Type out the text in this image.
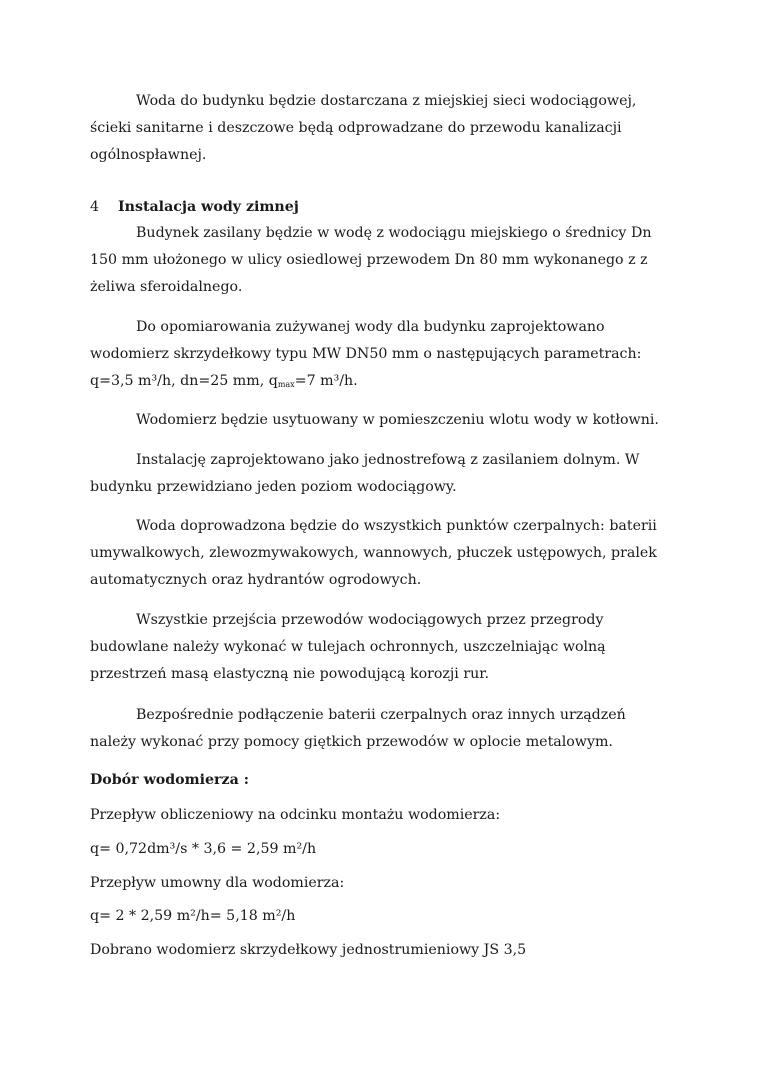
Woda do budynku będzie dostarczana z miejskiej sieci wodociągowej, ścieki sanitarne i deszczowe będą odprowadzane do przewodu kanalizacji ogólnospławnej.
4 Instalacja wody zimnej
Budynek zasilany będzie w wodę z wodociągu miejskiego o średnicy Dn 150 mm ułożonego w ulicy osiedlowej przewodem Dn 80 mm wykonanego z z żeliwa sferoidalnego.
Do opomiarowania zużywanej wody dla budynku zaprojektowano wodomierz skrzydełkowy typu MW DN50 mm o następujących parametrach: q=3,5 m³/h, dn=25 mm, $q_{max}=7$ m³/h.
Wodomierz będzie usytuowany w pomieszczeniu wlotu wody w kotłowni.
Instalację zaprojektowano jako jednostrefową z zasilaniem dolnym. W budynku przewidziano jeden poziom wodociągowy.
Woda doprowadzona będzie do wszystkich punktów czerpalnych: baterii umywalkowych, zlewozmywakowych, wannowych, płuczek ustępowych, pralek automatycznych oraz hydrantów ogrodowych.
Wszystkie przejścia przewodów wodociągowych przez przegrody budowlane należy wykonać w tulejach ochronnych, uszczelniając wolną przestrzeń masą elastyczną nie powodującą korozji rur.
Bezpośrednie podłączenie baterii czerpalnych oraz innych urządzeń należy wykonać przy pomocy giętkich przewodów w oplocie metalowym.
Dobór wodomierza :
Przepływ obliczeniowy na odcinku montażu wodomierza:
q= 0,72dm³/s * 3,6 = 2,59 m²/h
Przepływ umowny dla wodomierza:
q= 2 * 2,59 m²/h= 5,18 m²/h
Dobrano wodomierz skrzydełkowy jednostrumieniowy JS 3,5
